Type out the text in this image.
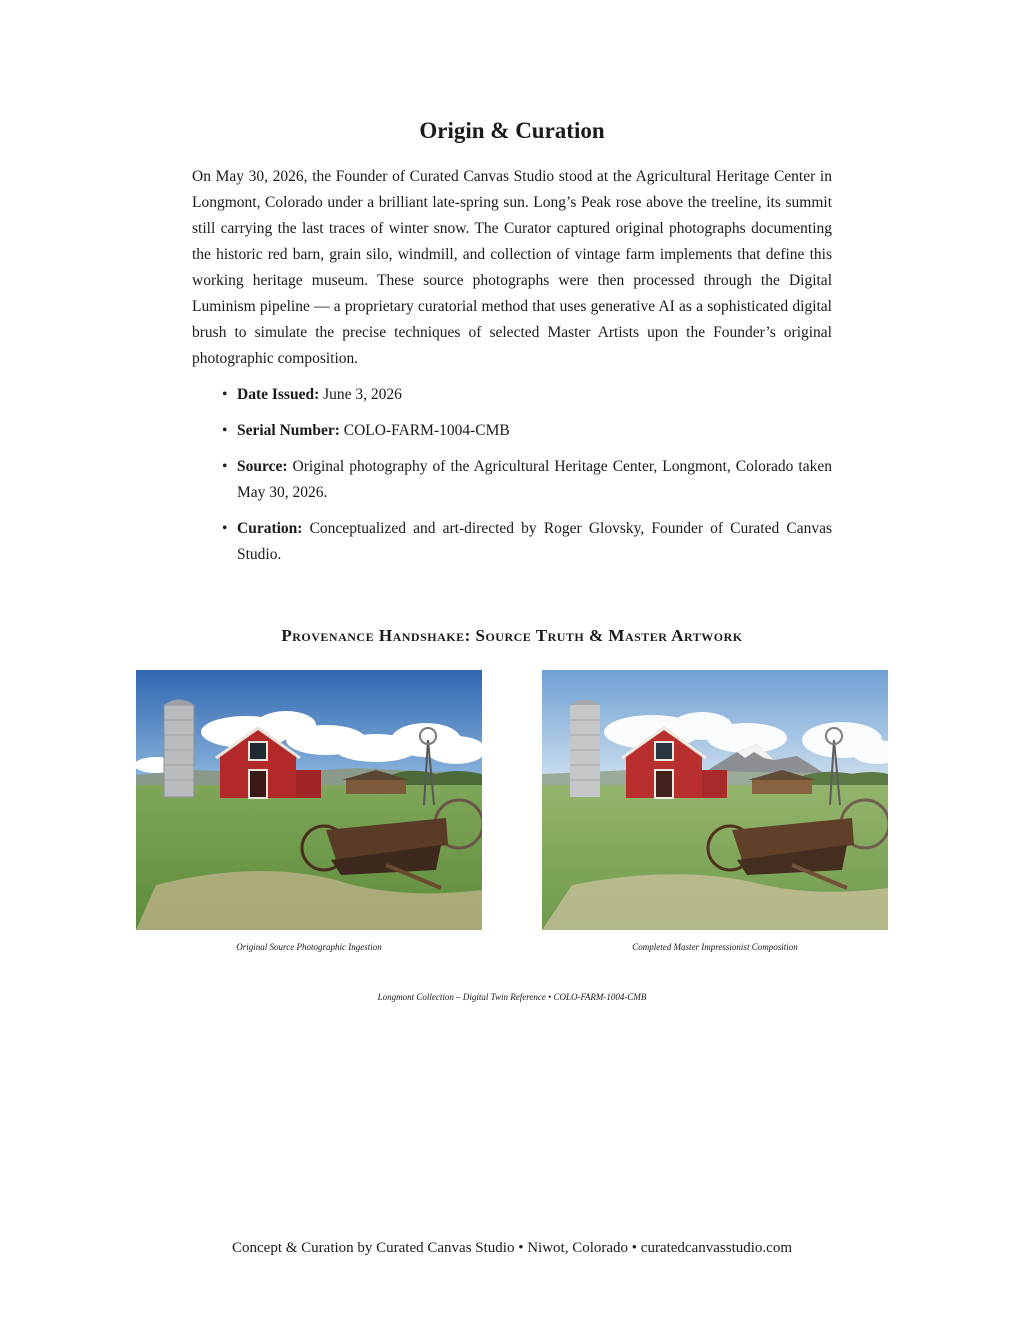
Origin & Curation

On May 30, 2026, the Founder of Curated Canvas Studio stood at the Agricultural Heritage Center in Longmont, Colorado under a brilliant late-spring sun. Long’s Peak rose above the treeline, its summit still carrying the last traces of winter snow. The Curator captured original photographs documenting the historic red barn, grain silo, windmill, and collection of vintage farm implements that define this working heritage museum. These source photographs were then processed through the Digital Luminism pipeline — a proprietary curatorial method that uses generative AI as a sophisticated digital brush to simulate the precise techniques of selected Master Artists upon the Founder’s original photographic composition.

• Date Issued: June 3, 2026
• Serial Number: COLO-FARM-1004-CMB
• Source: Original photography of the Agricultural Heritage Center, Longmont, Colorado taken May 30, 2026.
• Curation: Conceptualized and art-directed by Roger Glovsky, Founder of Curated Canvas Studio.
Provenance Handshake: Source Truth & Master Artwork

Original Source Photographic Ingestion	Completed Master Impressionist Composition

Longmont Collection – Digital Twin Reference • COLO-FARM-1004-CMB

Concept & Curation by Curated Canvas Studio • Niwot, Colorado • curatedcanvasstudio.com
